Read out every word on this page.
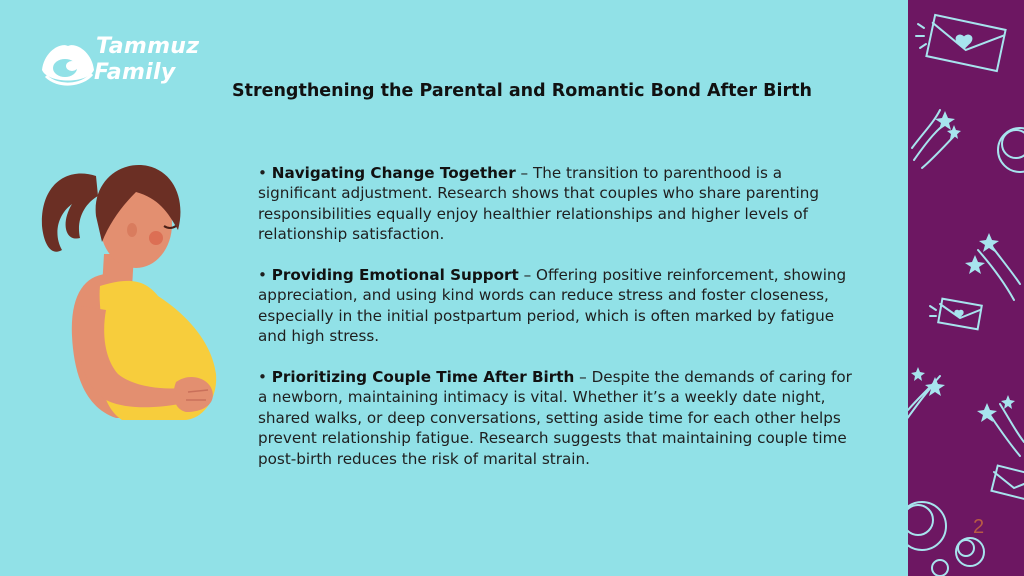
Tammuz
Family
Strengthening the Parental and Romantic Bond After Birth

• Navigating Change Together – The transition to parenthood is a significant adjustment. Research shows that couples who share parenting responsibilities equally enjoy healthier relationships and higher levels of relationship satisfaction.

• Providing Emotional Support – Offering positive reinforcement, showing appreciation, and using kind words can reduce stress and foster closeness, especially in the initial postpartum period, which is often marked by fatigue and high stress.

• Prioritizing Couple Time After Birth – Despite the demands of caring for a newborn, maintaining intimacy is vital. Whether it’s a weekly date night, shared walks, or deep conversations, setting aside time for each other helps prevent relationship fatigue. Research suggests that maintaining couple time post-birth reduces the risk of marital strain.

2
